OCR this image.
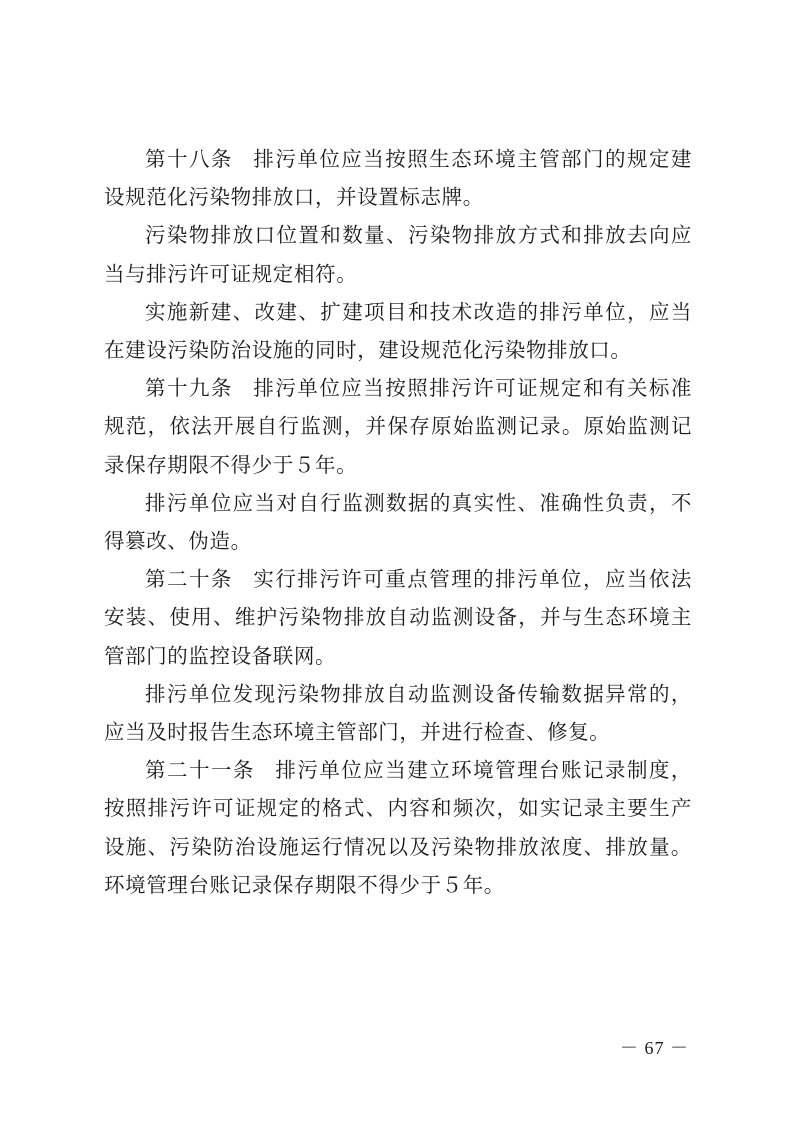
第十八条 排污单位应当按照生态环境主管部门的规定建设规范化污染物排放口，并设置标志牌。

污染物排放口位置和数量、污染物排放方式和排放去向应当与排污许可证规定相符。

实施新建、改建、扩建项目和技术改造的排污单位，应当在建设污染防治设施的同时，建设规范化污染物排放口。

第十九条 排污单位应当按照排污许可证规定和有关标准规范，依法开展自行监测，并保存原始监测记录。原始监测记录保存期限不得少于５年。

排污单位应当对自行监测数据的真实性、准确性负责，不得篡改、伪造。

第二十条 实行排污许可重点管理的排污单位，应当依法安装、使用、维护污染物排放自动监测设备，并与生态环境主管部门的监控设备联网。

排污单位发现污染物排放自动监测设备传输数据异常的，应当及时报告生态环境主管部门，并进行检查、修复。

第二十一条 排污单位应当建立环境管理台账记录制度，按照排污许可证规定的格式、内容和频次，如实记录主要生产设施、污染防治设施运行情况以及污染物排放浓度、排放量。环境管理台账记录保存期限不得少于５年。

－ 67 －
